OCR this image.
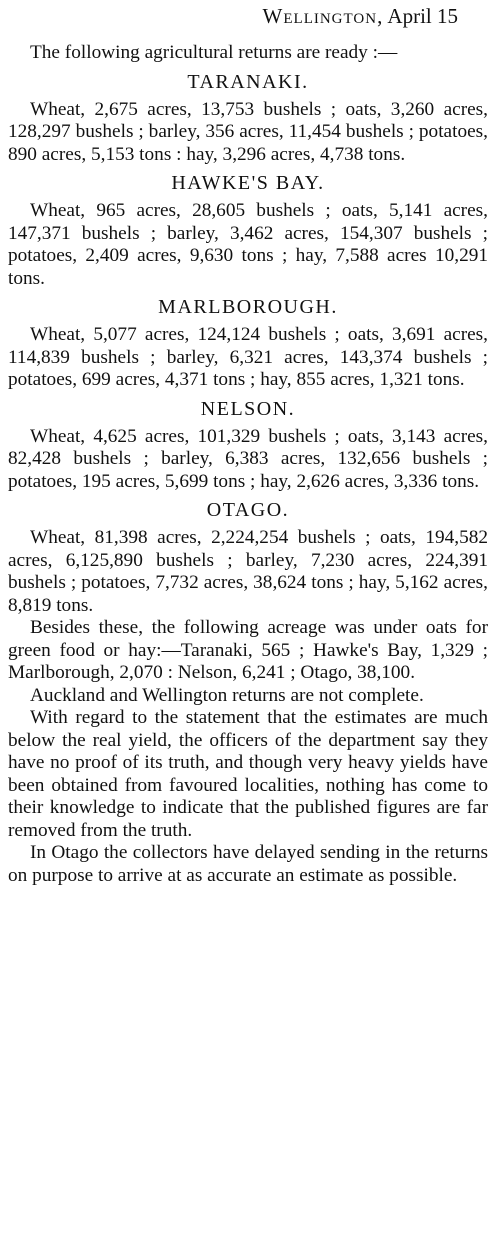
Wellington, April 15

The following agricultural returns are ready :—

TARANAKI.

Wheat, 2,675 acres, 13,753 bushels ; oats, 3,260 acres, 128,297 bushels ; barley, 356 acres, 11,454 bushels ; potatoes, 890 acres, 5,153 tons : hay, 3,296 acres, 4,738 tons.

HAWKE'S BAY.

Wheat, 965 acres, 28,605 bushels ; oats, 5,141 acres, 147,371 bushels ; barley, 3,462 acres, 154,307 bushels ; potatoes, 2,409 acres, 9,630 tons ; hay, 7,588 acres 10,291 tons.

MARLBOROUGH.

Wheat, 5,077 acres, 124,124 bushels ; oats, 3,691 acres, 114,839 bushels ; barley, 6,321 acres, 143,374 bushels ; potatoes, 699 acres, 4,371 tons ; hay, 855 acres, 1,321 tons.

NELSON.

Wheat, 4,625 acres, 101,329 bushels ; oats, 3,143 acres, 82,428 bushels ; barley, 6,383 acres, 132,656 bushels ; potatoes, 195 acres, 5,699 tons ; hay, 2,626 acres, 3,336 tons.

OTAGO.

Wheat, 81,398 acres, 2,224,254 bushels ; oats, 194,582 acres, 6,125,890 bushels ; barley, 7,230 acres, 224,391 bushels ; potatoes, 7,732 acres, 38,624 tons ; hay, 5,162 acres, 8,819 tons.

Besides these, the following acreage was under oats for green food or hay:—Taranaki, 565 ; Hawke's Bay, 1,329 ; Marlborough, 2,070 : Nelson, 6,241 ; Otago, 38,100.

Auckland and Wellington returns are not complete.

With regard to the statement that the estimates are much below the real yield, the officers of the department say they have no proof of its truth, and though very heavy yields have been obtained from favoured localities, nothing has come to their knowledge to indicate that the published figures are far removed from the truth.

In Otago the collectors have delayed sending in the returns on purpose to arrive at as accurate an estimate as possible.
